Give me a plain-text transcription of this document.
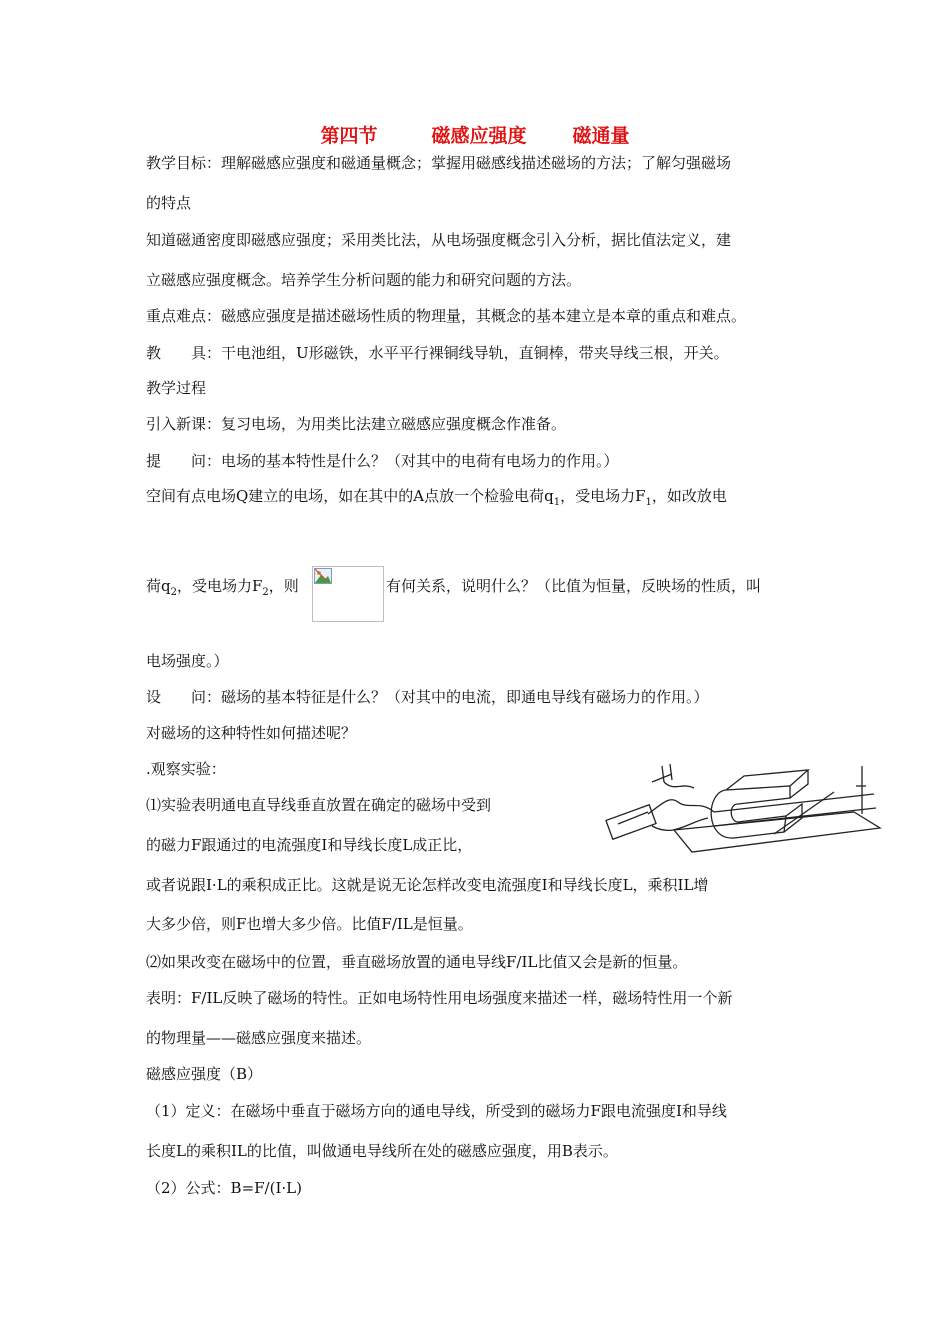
第四节	磁感应强度 磁通量
教学目标：理解磁感应强度和磁通量概念；掌握用磁感线描述磁场的方法；了解匀强磁场
的特点
知道磁通密度即磁感应强度；采用类比法，从电场强度概念引入分析，据比值法定义，建
立磁感应强度概念。培养学生分析问题的能力和研究问题的方法。
重点难点：磁感应强度是描述磁场性质的物理量，其概念的基本建立是本章的重点和难点。
教 具：干电池组，U形磁铁，水平平行裸铜线导轨，直铜棒，带夹导线三根，开关。
教学过程
引入新课：复习电场，为用类比法建立磁感应强度概念作准备。
提 问：电场的基本特性是什么？（对其中的电荷有电场力的作用。）
空间有点电场Q建立的电场，如在其中的A点放一个检验电荷$q_1$，受电场力$F_1$，如改放电
荷$q_2$，受电场力$F_2$，则	有何关系，说明什么？（比值为恒量，反映场的性质，叫
电场强度。）
设 问：磁场的基本特征是什么？（对其中的电流，即通电导线有磁场力的作用。）
对磁场的这种特性如何描述呢？
.观察实验：
⑴实验表明通电直导线垂直放置在确定的磁场中受到
的磁力F跟通过的电流强度I和导线长度L成正比，
或者说跟I·L的乘积成正比。这就是说无论怎样改变电流强度I和导线长度L，乘积IL增
大多少倍，则F也增大多少倍。比值F/IL是恒量。
⑵如果改变在磁场中的位置，垂直磁场放置的通电导线F/IL比值又会是新的恒量。
表明：F/IL反映了磁场的特性。正如电场特性用电场强度来描述一样，磁场特性用一个新
的物理量——磁感应强度来描述。
磁感应强度（B）
（1）定义：在磁场中垂直于磁场方向的通电导线，所受到的磁场力F跟电流强度I和导线
长度L的乘积IL的比值，叫做通电导线所在处的磁感应强度，用B表示。
（2）公式：B=F/(I·L)
